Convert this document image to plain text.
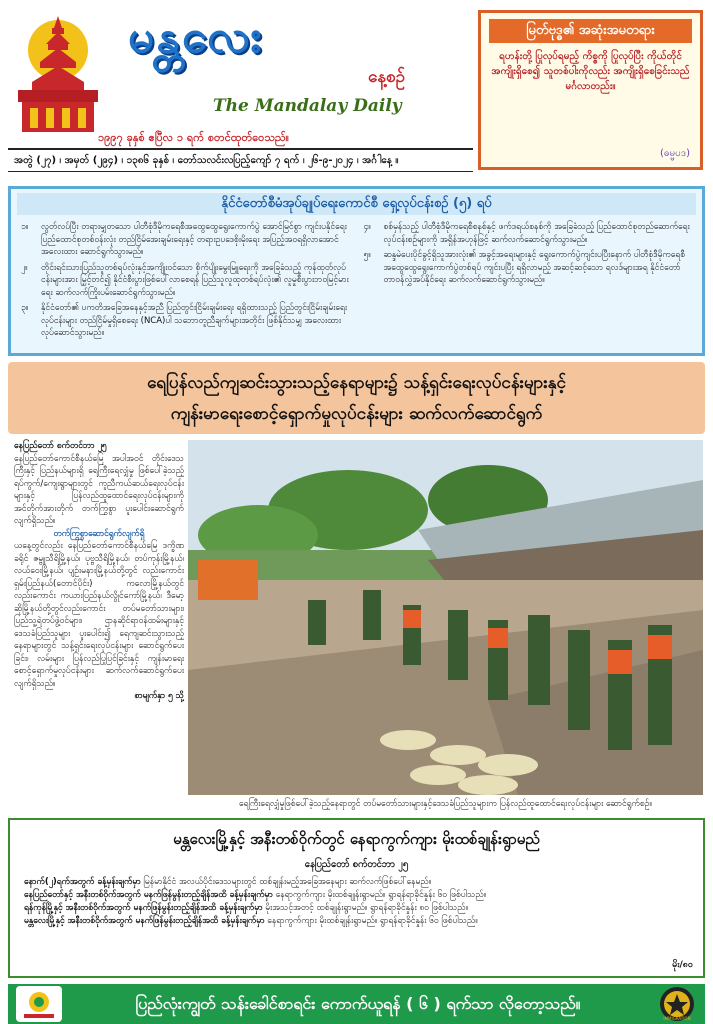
မန္တလေး
နေ့စဉ်
The Mandalay Daily
၁၉၉၇ ခုနှစ် ဧပြီလ ၁ ရက် စတင်ထုတ်ဝေသည်။
မြတ်ဗုဒ္ဓ၏ အဆုံးအမတရား
ရဟန်းတို့ ပြုလုပ်ရမည့် ကိစ္စကို ပြုလုပ်ပြီး ကိုယ်တိုင် အကျိုးရှိစေ၍ သူတစ်ပါးကိုလည်း အကျိုးရှိစေခြင်းသည် မင်္ဂလာတည်း။
(ဓမ္မပဒ)
အတွဲ (၂၇) ၊ အမှတ် (၂၉၄) ၊ ၁၃၈၆ ခုနှစ် ၊ တော်သလင်းလပြည့်ကျော် ၇ ရက် ၊ ၂၆-၉-၂၀၂၄ ၊ အင်္ဂါနေ့ ။
နိုင်ငံတော်စီမံအုပ်ချုပ်ရေးကောင်စီ ရှေ့လုပ်ငန်းစဉ် (၅) ရပ်
၁။	လွတ်လပ်ပြီး တရားမျှတသော ပါတီစုံဒီမိုကရေစီအထွေထွေရွေးကောက်ပွဲ အောင်မြင်စွာ ကျင်းပနိုင်ရေး ပြည်ထောင်စုတစ်ဝန်းလုံး တည်ငြိမ်အေးချမ်းရေးနှင့် တရားဥပဒေစိုးမိုးရေး အပြည့်အဝရရှိလာအောင် အလေးထား ဆောင်ရွက်သွားမည်။
၂။	တိုင်းရင်းသားပြည်သူတစ်ရပ်လုံးနှင့်အကျိုးဝင်သော စိုက်ပျိုးမွေးမြူရေးကို အခြေခံသည့် ကုန်ထုတ်လုပ်ငန်းများအား မြှင့်တင်၍ နိုင်ငံစီးပွားဖြစ်ပေါ်လာစေရန် ပြည်သူလူထုတစ်ရပ်လုံး၏ လူမှုစီးပွားဘဝမြင့်မားရေး ဆက်လက်ကြိုးပမ်းဆောင်ရွက်သွားမည်။
၃။	နိုင်ငံတော်၏ ပကတိအခြေအနေနှင့်အညီ ပြည်တွင်းငြိမ်းချမ်းရေး ရရှိထားသည့် ပြည်တွင်းငြိမ်းချမ်းရေးလုပ်ငန်းများ တည်ငြိမ်မှုရှိစေရေး (NCA)ပါ သဘောတူညီချက်များအတိုင်း ဖြစ်နိုင်သမျှ အလေးထား လုပ်ဆောင်သွားမည်။
၄။	စစ်မှန်သည့် ပါတီစုံဒီမိုကရေစီစနစ်နှင့် ဖက်ဒရယ်စနစ်ကို အခြေခံသည့် ပြည်ထောင်စုတည်ဆောက်ရေးလုပ်ငန်းစဉ်များကို အရှိန်အဟုန်ဖြင့် ဆက်လက်ဆောင်ရွက်သွားမည်။
၅။	ဆန္ဒမဲပေးပိုင်ခွင့်ရှိသူအားလုံး၏ အခွင့်အရေးများနှင့် ရွေးကောက်ပွဲကျင်းပပြီးနောက် ပါတီစုံဒီမိုကရေစီ အထွေထွေရွေးကောက်ပွဲတစ်ရပ် ကျင်းပပြီး ရရှိလာမည့် အဆင့်ဆင့်သော ရလဒ်များအရ နိုင်ငံတော်တာဝန်လွှဲအပ်နိုင်ရေး ဆက်လက်ဆောင်ရွက်သွားမည်။
ရေပြန်လည်ကျဆင်းသွားသည့်နေရာများ၌ သန့်ရှင်းရေးလုပ်ငန်းများနှင့်
ကျန်းမာရေးစောင့်ရှောက်မှုလုပ်ငန်းများ ဆက်လက်ဆောင်ရွက်

နေပြည်တော် စက်တင်ဘာ ၂၅

နေပြည်တော်ကောင်စီနယ်မြေ အပါအဝင် တိုင်းဒေသကြီးနှင့် ပြည်နယ်များရှိ ရေကြီးရေလျှံမှု ဖြစ်ပေါ်ခဲ့သည့် ရပ်ကွက်/ကျေးရွာများတွင် ကူညီကယ်ဆယ်ရေးလုပ်ငန်းများနှင့် ပြန်လည်ထူထောင်ရေးလုပ်ငန်းများကို အင်တိုက်အားတိုက် တက်ကြွစွာ ပူးပေါင်းဆောင်ရွက်လျက်ရှိသည်။

တက်ကြွစွာဆောင်ရွက်လျက်ရှိ

ယနေ့တွင်လည်း နေပြည်တော်ကောင်စီနယ်မြေ ဒက္ခိဏခရိုင် ဇမ္ဗူသီရိမြို့နယ်၊ ပုဗ္ဗသီရိမြို့နယ်၊ တပ်ကုန်းမြို့နယ်၊ လယ်ဝေးမြို့နယ်၊ ပျဉ်းမနားမြို့နယ်တို့တွင် လည်းကောင်း ရှမ်းပြည်နယ်(တောင်ပိုင်း) ကလောမြို့နယ်တွင်လည်းကောင်း ကယားပြည်နယ်လွိုင်ကော်မြို့နယ်၊ ဒီမော့ဆိုမြို့နယ်တို့တွင်လည်းကောင်း တပ်မတော်သားများ၊ ပြည်သူ့ရဲတပ်ဖွဲ့ဝင်များ၊ ဌာနဆိုင်ရာဝန်ထမ်းများနှင့် ဒေသခံပြည်သူများ ပူးပေါင်း၍ ရေကျဆင်းသွားသည့် နေရာများတွင် သန့်ရှင်းရေးလုပ်ငန်းများ ဆောင်ရွက်ပေးခြင်း၊ လမ်းများ ပြန်လည်ပြုပြင်ခြင်းနှင့် ကျန်းမာရေးစောင့်ရှောက်မှုလုပ်ငန်းများ ဆက်လက်ဆောင်ရွက်ပေးလျက်ရှိသည်။

စာမျက်နှာ ၅ သို့

ရေကြီးရေလျှံမှုဖြစ်ပေါ်ခဲ့သည့်နေရာတွင် တပ်မတော်သားများနှင့်ဒေသခံပြည်သူများက ပြန်လည်ထူထောင်ရေးလုပ်ငန်းများ ဆောင်ရွက်စဉ်။
မန္တလေးမြို့နှင့် အနီးတစ်ဝိုက်တွင် နေရာကွက်ကျား မိုးထစ်ချုန်းရွာမည်
နေပြည်တော် စက်တင်ဘာ ၂၅

နောက်(၂)ရက်အတွက် ခန့်မှန်းချက်မှာ မြန်မာနိုင်ငံ အလယ်ပိုင်းဒေသများတွင် ထစ်ချုန်းမည့်အခြေအနေများ ဆက်လက်ဖြစ်ပေါ်နေမည်။

နေပြည်တော်နှင့် အနီးတစ်ဝိုက်အတွက် မနက်ဖြန်မွန်းတည့်ချိန်အထိ ခန့်မှန်းချက်မှာ နေရာကွက်ကျား မိုးထစ်ချုန်းရွာမည်။ ရွာရန်ရာခိုင်နှုန်း ၆၀ ဖြစ်ပါသည်။

ရန်ကုန်မြို့နှင့် အနီးတစ်ဝိုက်အတွက် မနက်ဖြန်မွန်းတည့်ချိန်အထိ ခန့်မှန်းချက်မှာ မိုးအသင့်အတင့် ထစ်ချုန်းရွာမည်။ ရွာရန်ရာခိုင်နှုန်း ၈၀ ဖြစ်ပါသည်။

မန္တလေးမြို့နှင့် အနီးတစ်ဝိုက်အတွက် မနက်ဖြန်မွန်းတည့်ချိန်အထိ ခန့်မှန်းချက်မှာ နေရာကွက်ကျား မိုးထစ်ချုန်းရွာမည်။ ရွာရန်ရာခိုင်နှုန်း ၆၀ ဖြစ်ပါသည်။

မိုး/၈၀
ပြည်လုံးကျွတ် သန်းခေါင်စာရင်း ကောက်ယူရန် ( ၆ ) ရက်သာ လိုတော့သည်။
IMMIGRATION
